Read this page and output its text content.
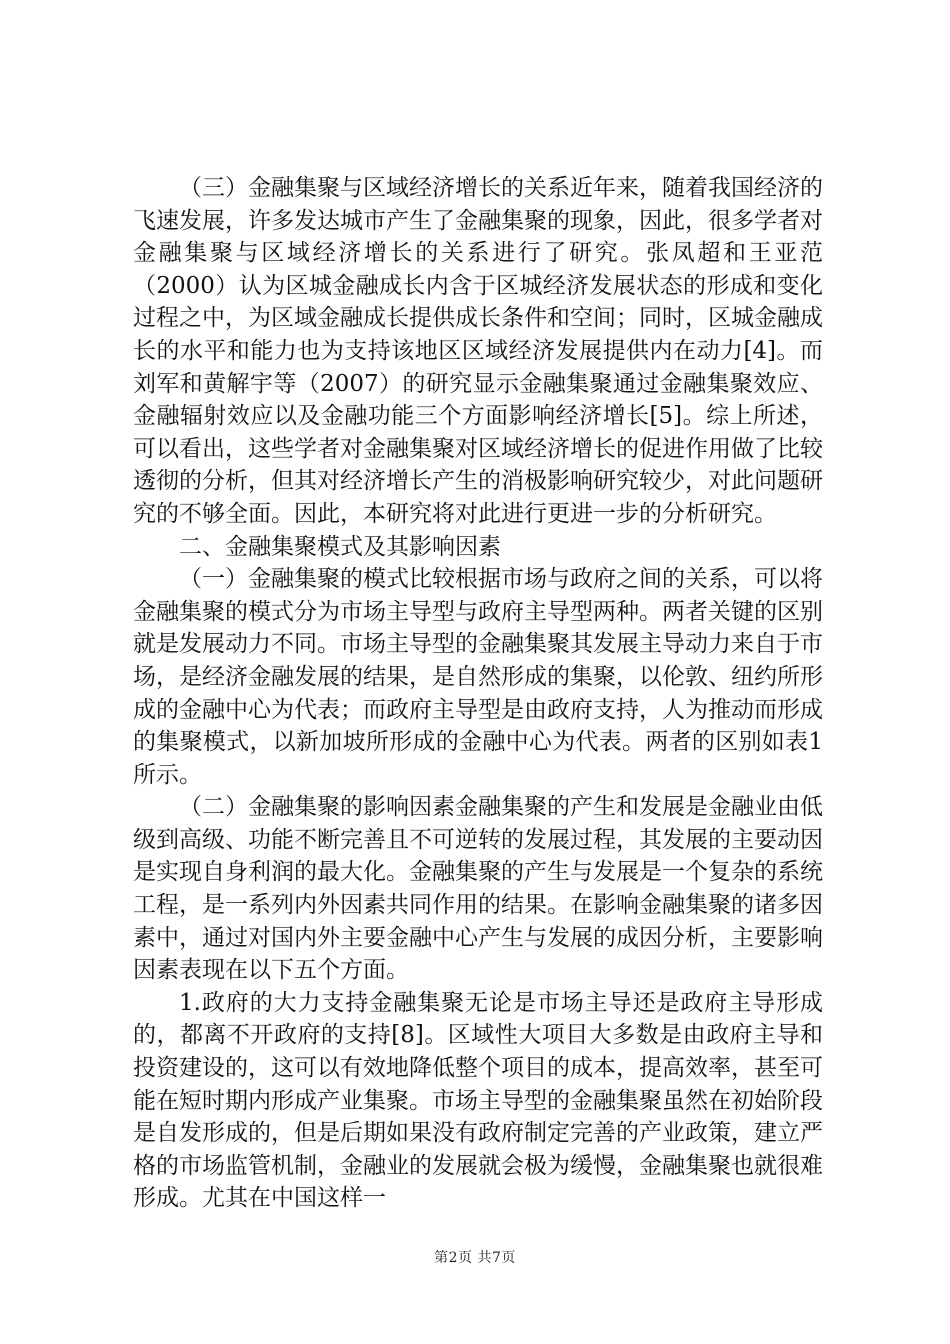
（三）金融集聚与区域经济增长的关系近年来，随着我国经济的飞速发展，许多发达城市产生了金融集聚的现象，因此，很多学者对金融集聚与区域经济增长的关系进行了研究。张凤超和王亚范（2000）认为区城金融成长内含于区城经济发展状态的形成和变化过程之中，为区域金融成长提供成长条件和空间；同时，区城金融成长的水平和能力也为支持该地区区域经济发展提供内在动力[4]。而刘军和黄解宇等（2007）的研究显示金融集聚通过金融集聚效应、金融辐射效应以及金融功能三个方面影响经济增长[5]。综上所述，可以看出，这些学者对金融集聚对区域经济增长的促进作用做了比较透彻的分析，但其对经济增长产生的消极影响研究较少，对此问题研究的不够全面。因此，本研究将对此进行更进一步的分析研究。

二、金融集聚模式及其影响因素

（一）金融集聚的模式比较根据市场与政府之间的关系，可以将金融集聚的模式分为市场主导型与政府主导型两种。两者关键的区别就是发展动力不同。市场主导型的金融集聚其发展主导动力来自于市场，是经济金融发展的结果，是自然形成的集聚，以伦敦、纽约所形成的金融中心为代表；而政府主导型是由政府支持，人为推动而形成的集聚模式，以新加坡所形成的金融中心为代表。两者的区别如表1所示。

（二）金融集聚的影响因素金融集聚的产生和发展是金融业由低级到高级、功能不断完善且不可逆转的发展过程，其发展的主要动因是实现自身利润的最大化。金融集聚的产生与发展是一个复杂的系统工程，是一系列内外因素共同作用的结果。在影响金融集聚的诸多因素中，通过对国内外主要金融中心产生与发展的成因分析，主要影响因素表现在以下五个方面。

1.政府的大力支持金融集聚无论是市场主导还是政府主导形成的，都离不开政府的支持[8]。区域性大项目大多数是由政府主导和投资建设的，这可以有效地降低整个项目的成本，提高效率，甚至可能在短时期内形成产业集聚。市场主导型的金融集聚虽然在初始阶段是自发形成的，但是后期如果没有政府制定完善的产业政策，建立严格的市场监管机制，金融业的发展就会极为缓慢，金融集聚也就很难形成。尤其在中国这样一

第2页 共7页
